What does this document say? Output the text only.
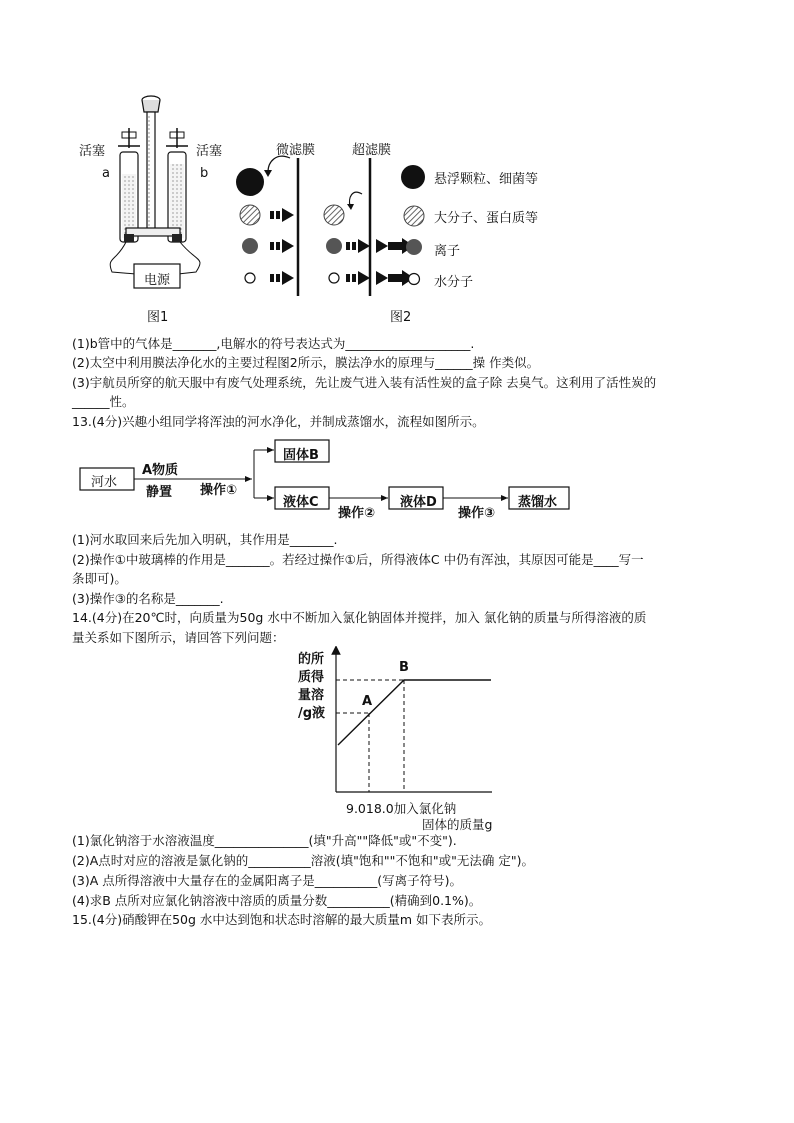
活塞	活塞
a	b
电源
图1
微滤膜	超滤膜
悬浮颗粒、细菌等
大分子、蛋白质等
离子
水分子
图2
(1)b管中的气体是_______,电解水的符号表达式为____________________.
(2)太空中利用膜法净化水的主要过程图2所示，膜法净水的原理与______操 作类似。
(3)宇航员所穿的航天服中有废气处理系统，先让废气进入装有活性炭的盒子除 去臭气。这利用了活性炭的
______性。
13.(4分)兴趣小组同学将浑浊的河水净化，并制成蒸馏水，流程如图所示。
河水
A物质
静置 操作①
固体B
液体C
操作②
液体D
操作③
蒸馏水
(1)河水取回来后先加入明矾，其作用是_______.
(2)操作①中玻璃棒的作用是_______。若经过操作①后，所得液体C 中仍有浑浊，其原因可能是____写一
条即可)。
(3)操作③的名称是_______.
14.(4分)在20℃时，向质量为50g 水中不断加入氯化钠固体并搅拌，加入 氯化钠的质量与所得溶液的质
量关系如下图所示，请回答下列问题：
的所
质得
量溶
/g液
A
B
9.018.0加入氯化钠
固体的质量g
(1)氯化钠溶于水溶液温度_______________(填"升高""降低"或"不变").
(2)A点时对应的溶液是氯化钠的__________溶液(填"饱和""不饱和"或"无法确 定")。
(3)A 点所得溶液中大量存在的金属阳离子是__________(写离子符号)。
(4)求B 点所对应氯化钠溶液中溶质的质量分数__________(精确到0.1%)。
15.(4分)硝酸钾在50g 水中达到饱和状态时溶解的最大质量m 如下表所示。
